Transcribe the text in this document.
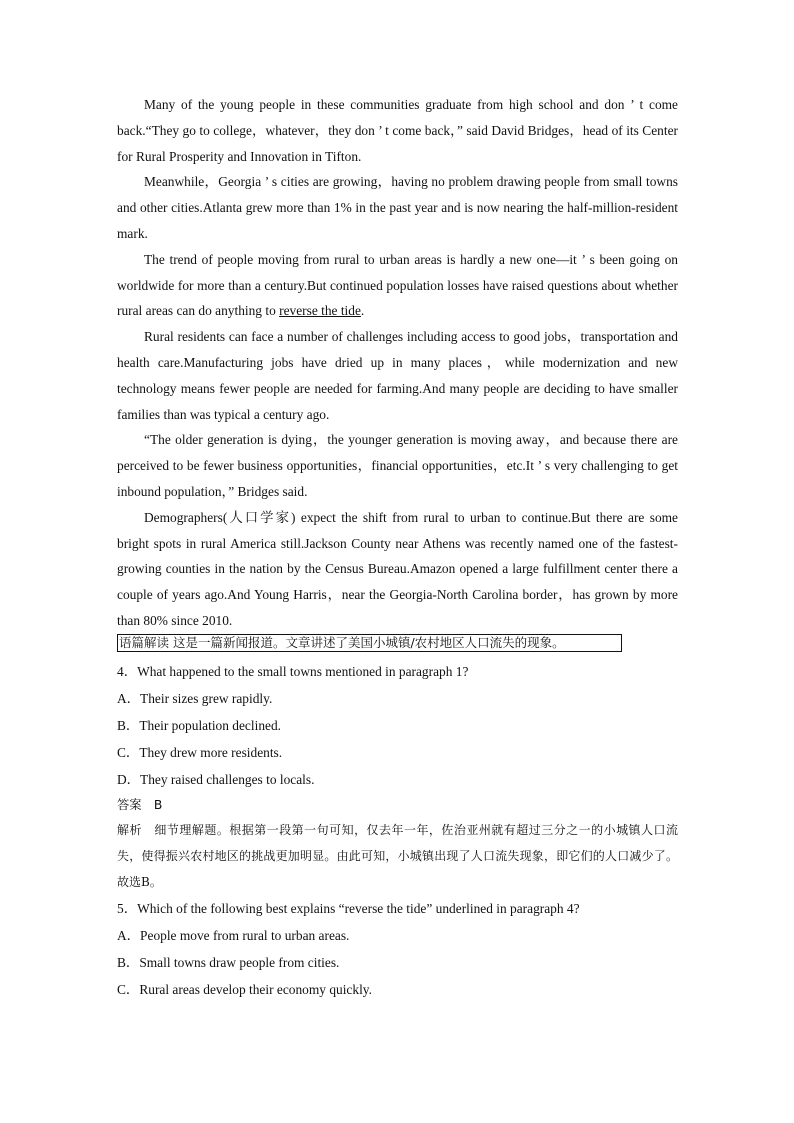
Many of the young people in these communities graduate from high school and don ’ t come back.“They go to college，whatever，they don ’ t come back，” said David Bridges，head of its Center for Rural Prosperity and Innovation in Tifton.

Meanwhile，Georgia ’ s cities are growing，having no problem drawing people from small towns and other cities.Atlanta grew more than 1% in the past year and is now nearing the half-million-resident mark.

The trend of people moving from rural to urban areas is hardly a new one—it ’ s been going on worldwide for more than a century.But continued population losses have raised questions about whether rural areas can do anything to reverse the tide.

Rural residents can face a number of challenges including access to good jobs，transportation and health care.Manufacturing jobs have dried up in many places，while modernization and new technology means fewer people are needed for farming.And many people are deciding to have smaller families than was typical a century ago.

“The older generation is dying，the younger generation is moving away，and because there are perceived to be fewer business opportunities，financial opportunities，etc.It ’ s very challenging to get inbound population，” Bridges said.

Demographers(人口学家) expect the shift from rural to urban to continue.But there are some bright spots in rural America still.Jackson County near Athens was recently named one of the fastest-growing counties in the nation by the Census Bureau.Amazon opened a large fulfillment center there a couple of years ago.And Young Harris，near the Georgia-North Carolina border，has grown by more than 80% since 2010.

语篇解读 这是一篇新闻报道。文章讲述了美国小城镇/农村地区人口流失的现象。

4．What happened to the small towns mentioned in paragraph 1?

A．Their sizes grew rapidly.

B．Their population declined.

C．They drew more residents.

D．They raised challenges to locals.

答案　B

解析　细节理解题。根据第一段第一句可知，仅去年一年，佐治亚州就有超过三分之一的小城镇人口流失，使得振兴农村地区的挑战更加明显。由此可知，小城镇出现了人口流失现象，即它们的人口减少了。故选B。

5．Which of the following best explains “reverse the tide” underlined in paragraph 4?

A．People move from rural to urban areas.

B．Small towns draw people from cities.

C．Rural areas develop their economy quickly.
